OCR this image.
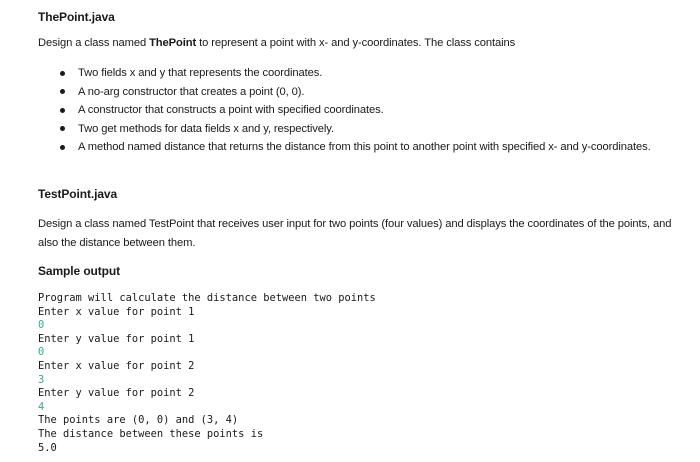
ThePoint.java
Design a class named ThePoint to represent a point with x- and y-coordinates. The class contains
Two fields x and y that represents the coordinates.
A no-arg constructor that creates a point (0, 0).
A constructor that constructs a point with specified coordinates.
Two get methods for data fields x and y, respectively.
A method named distance that returns the distance from this point to another point with specified x- and y-coordinates.
TestPoint.java
Design a class named TestPoint that receives user input for two points (four values) and displays the coordinates of the points, and also the distance between them.
Sample output
Program will calculate the distance between two points
Enter x value for point 1
0
Enter y value for point 1
0
Enter x value for point 2
3
Enter y value for point 2
4
The points are (0, 0) and (3, 4)
The distance between these points is
5.0
